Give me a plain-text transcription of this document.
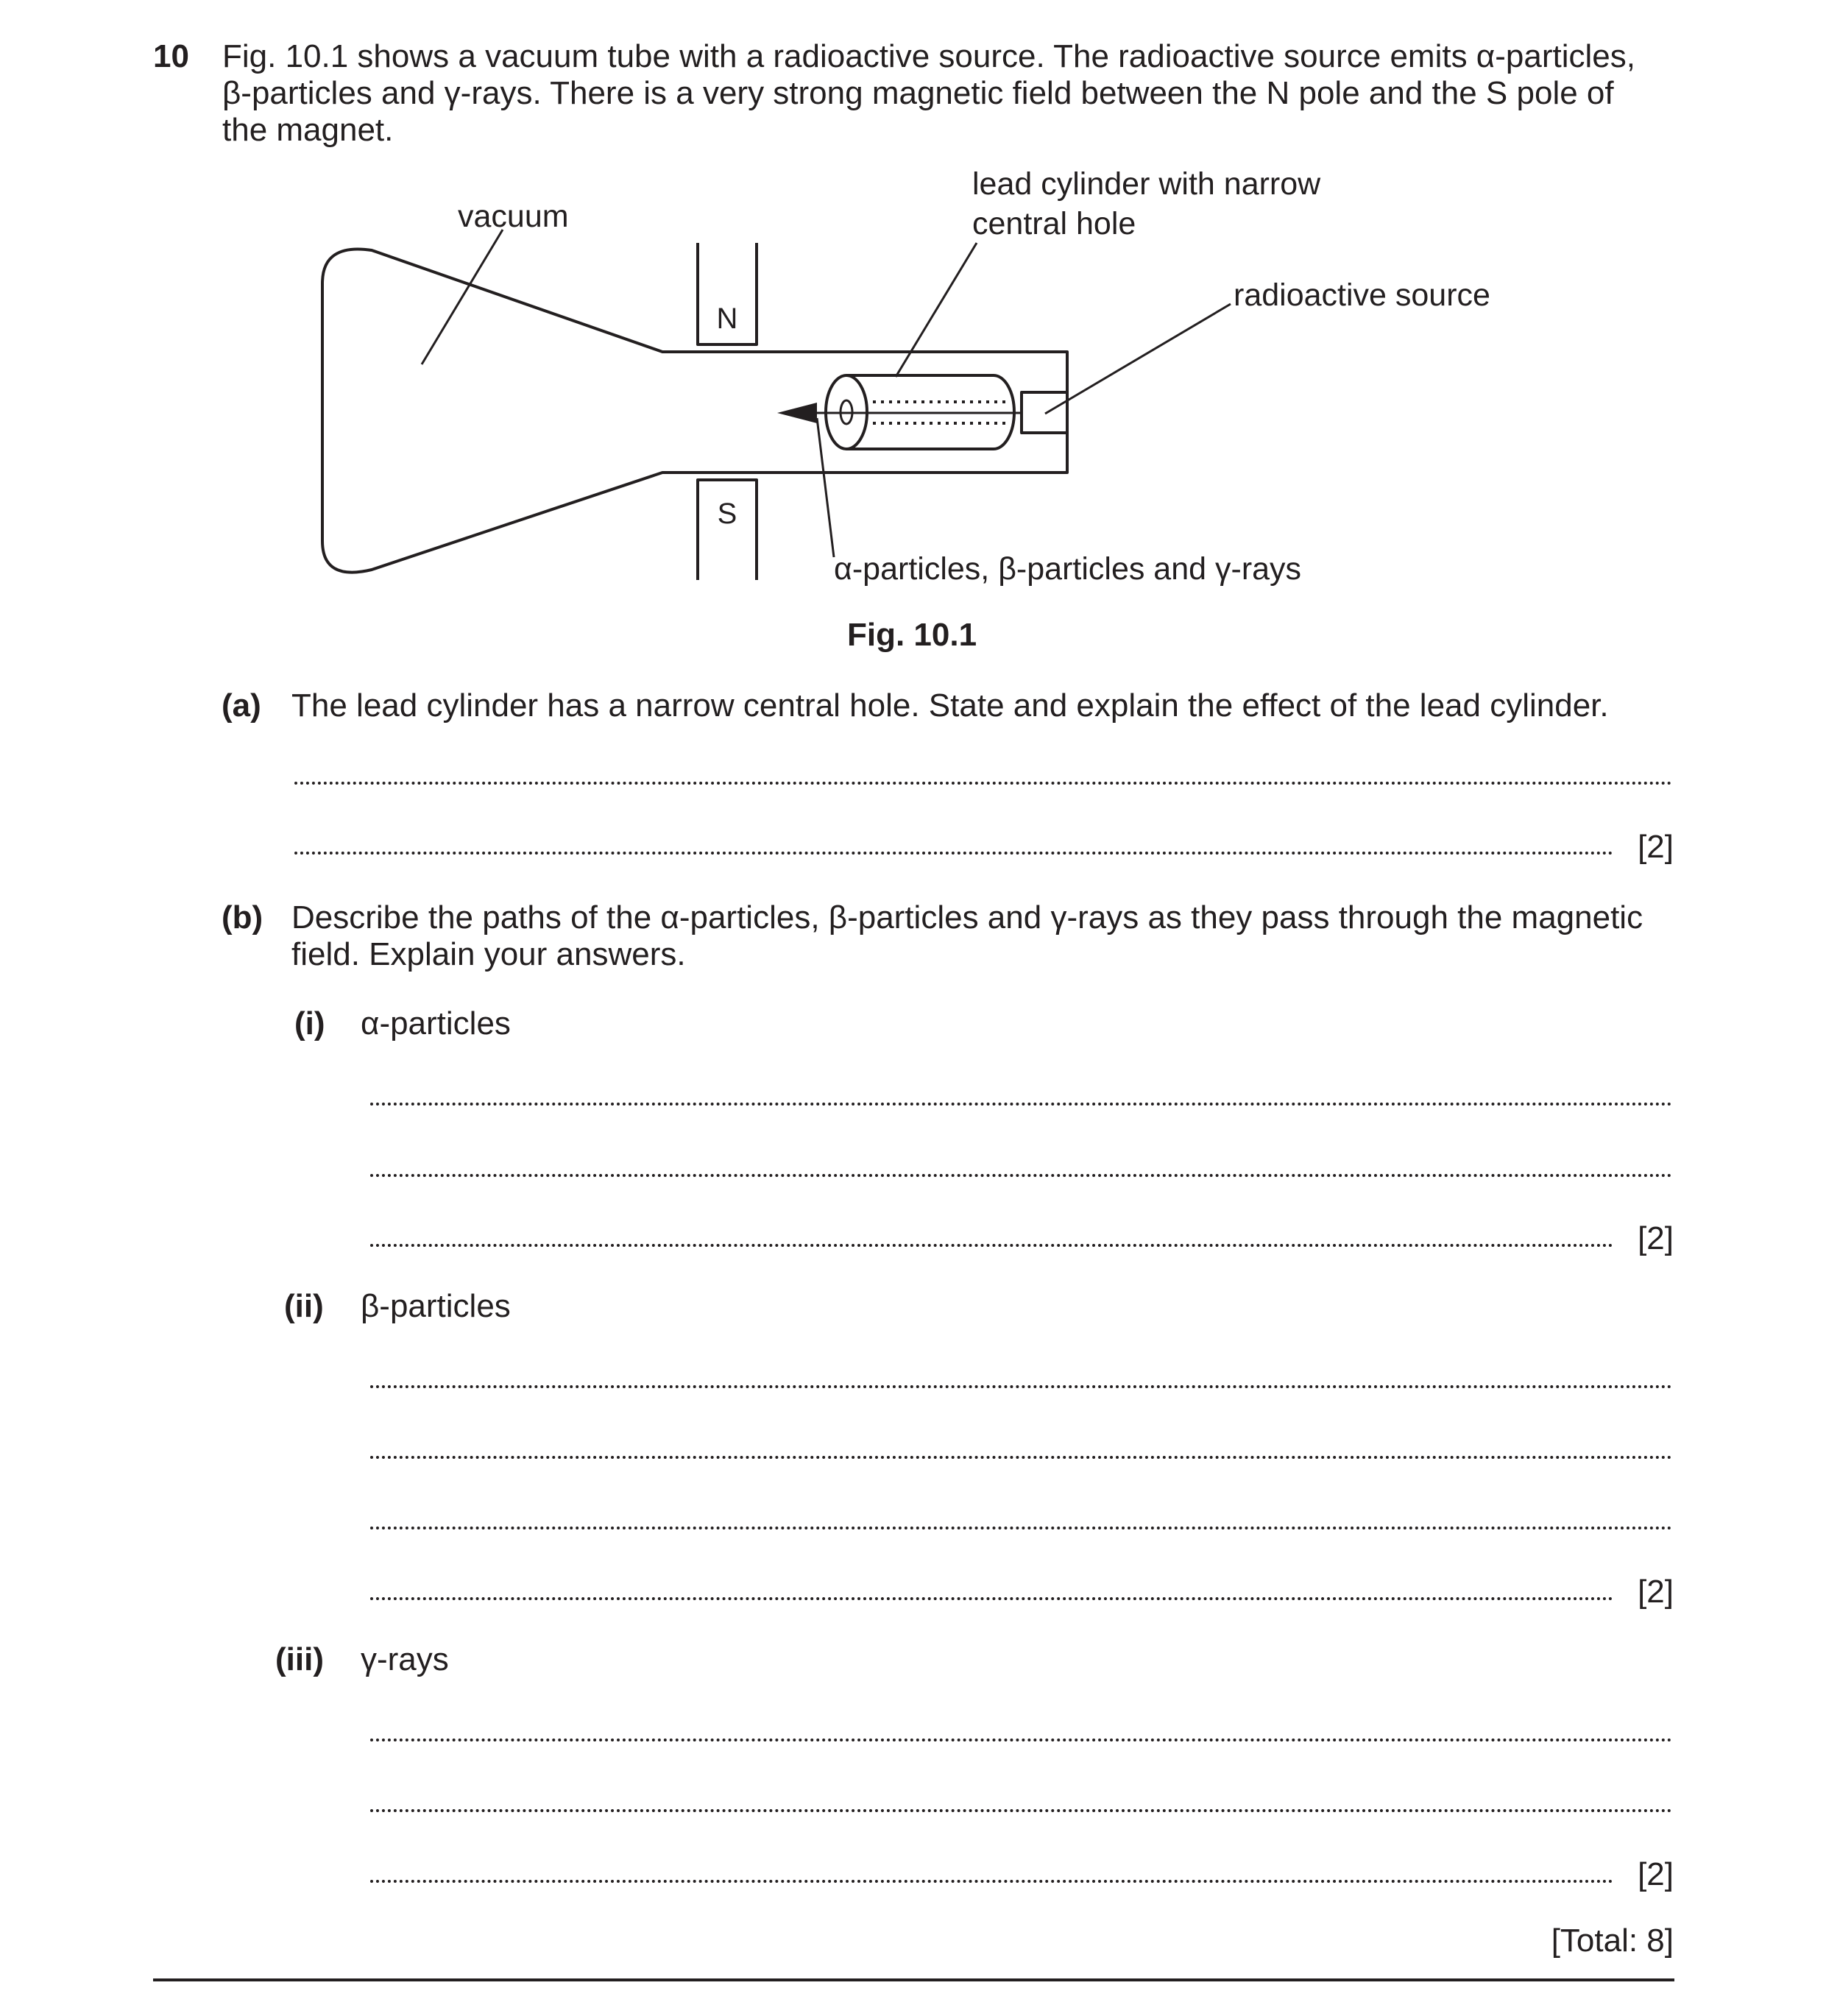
10 Fig. 10.1 shows a vacuum tube with a radioactive source. The radioactive source emits α-particles,
β-particles and γ-rays. There is a very strong magnetic field between the N pole and the S pole of
the magnet.
vacuum
lead cylinder with narrow
central hole
radioactive source
N
S
α-particles, β-particles and γ-rays
Fig. 10.1
(a) The lead cylinder has a narrow central hole. State and explain the effect of the lead cylinder.
[2]
(b) Describe the paths of the α-particles, β-particles and γ-rays as they pass through the magnetic
field. Explain your answers.
(i) α-particles
[2]
(ii) β-particles
[2]
(iii) γ-rays
[2]
[Total: 8]
